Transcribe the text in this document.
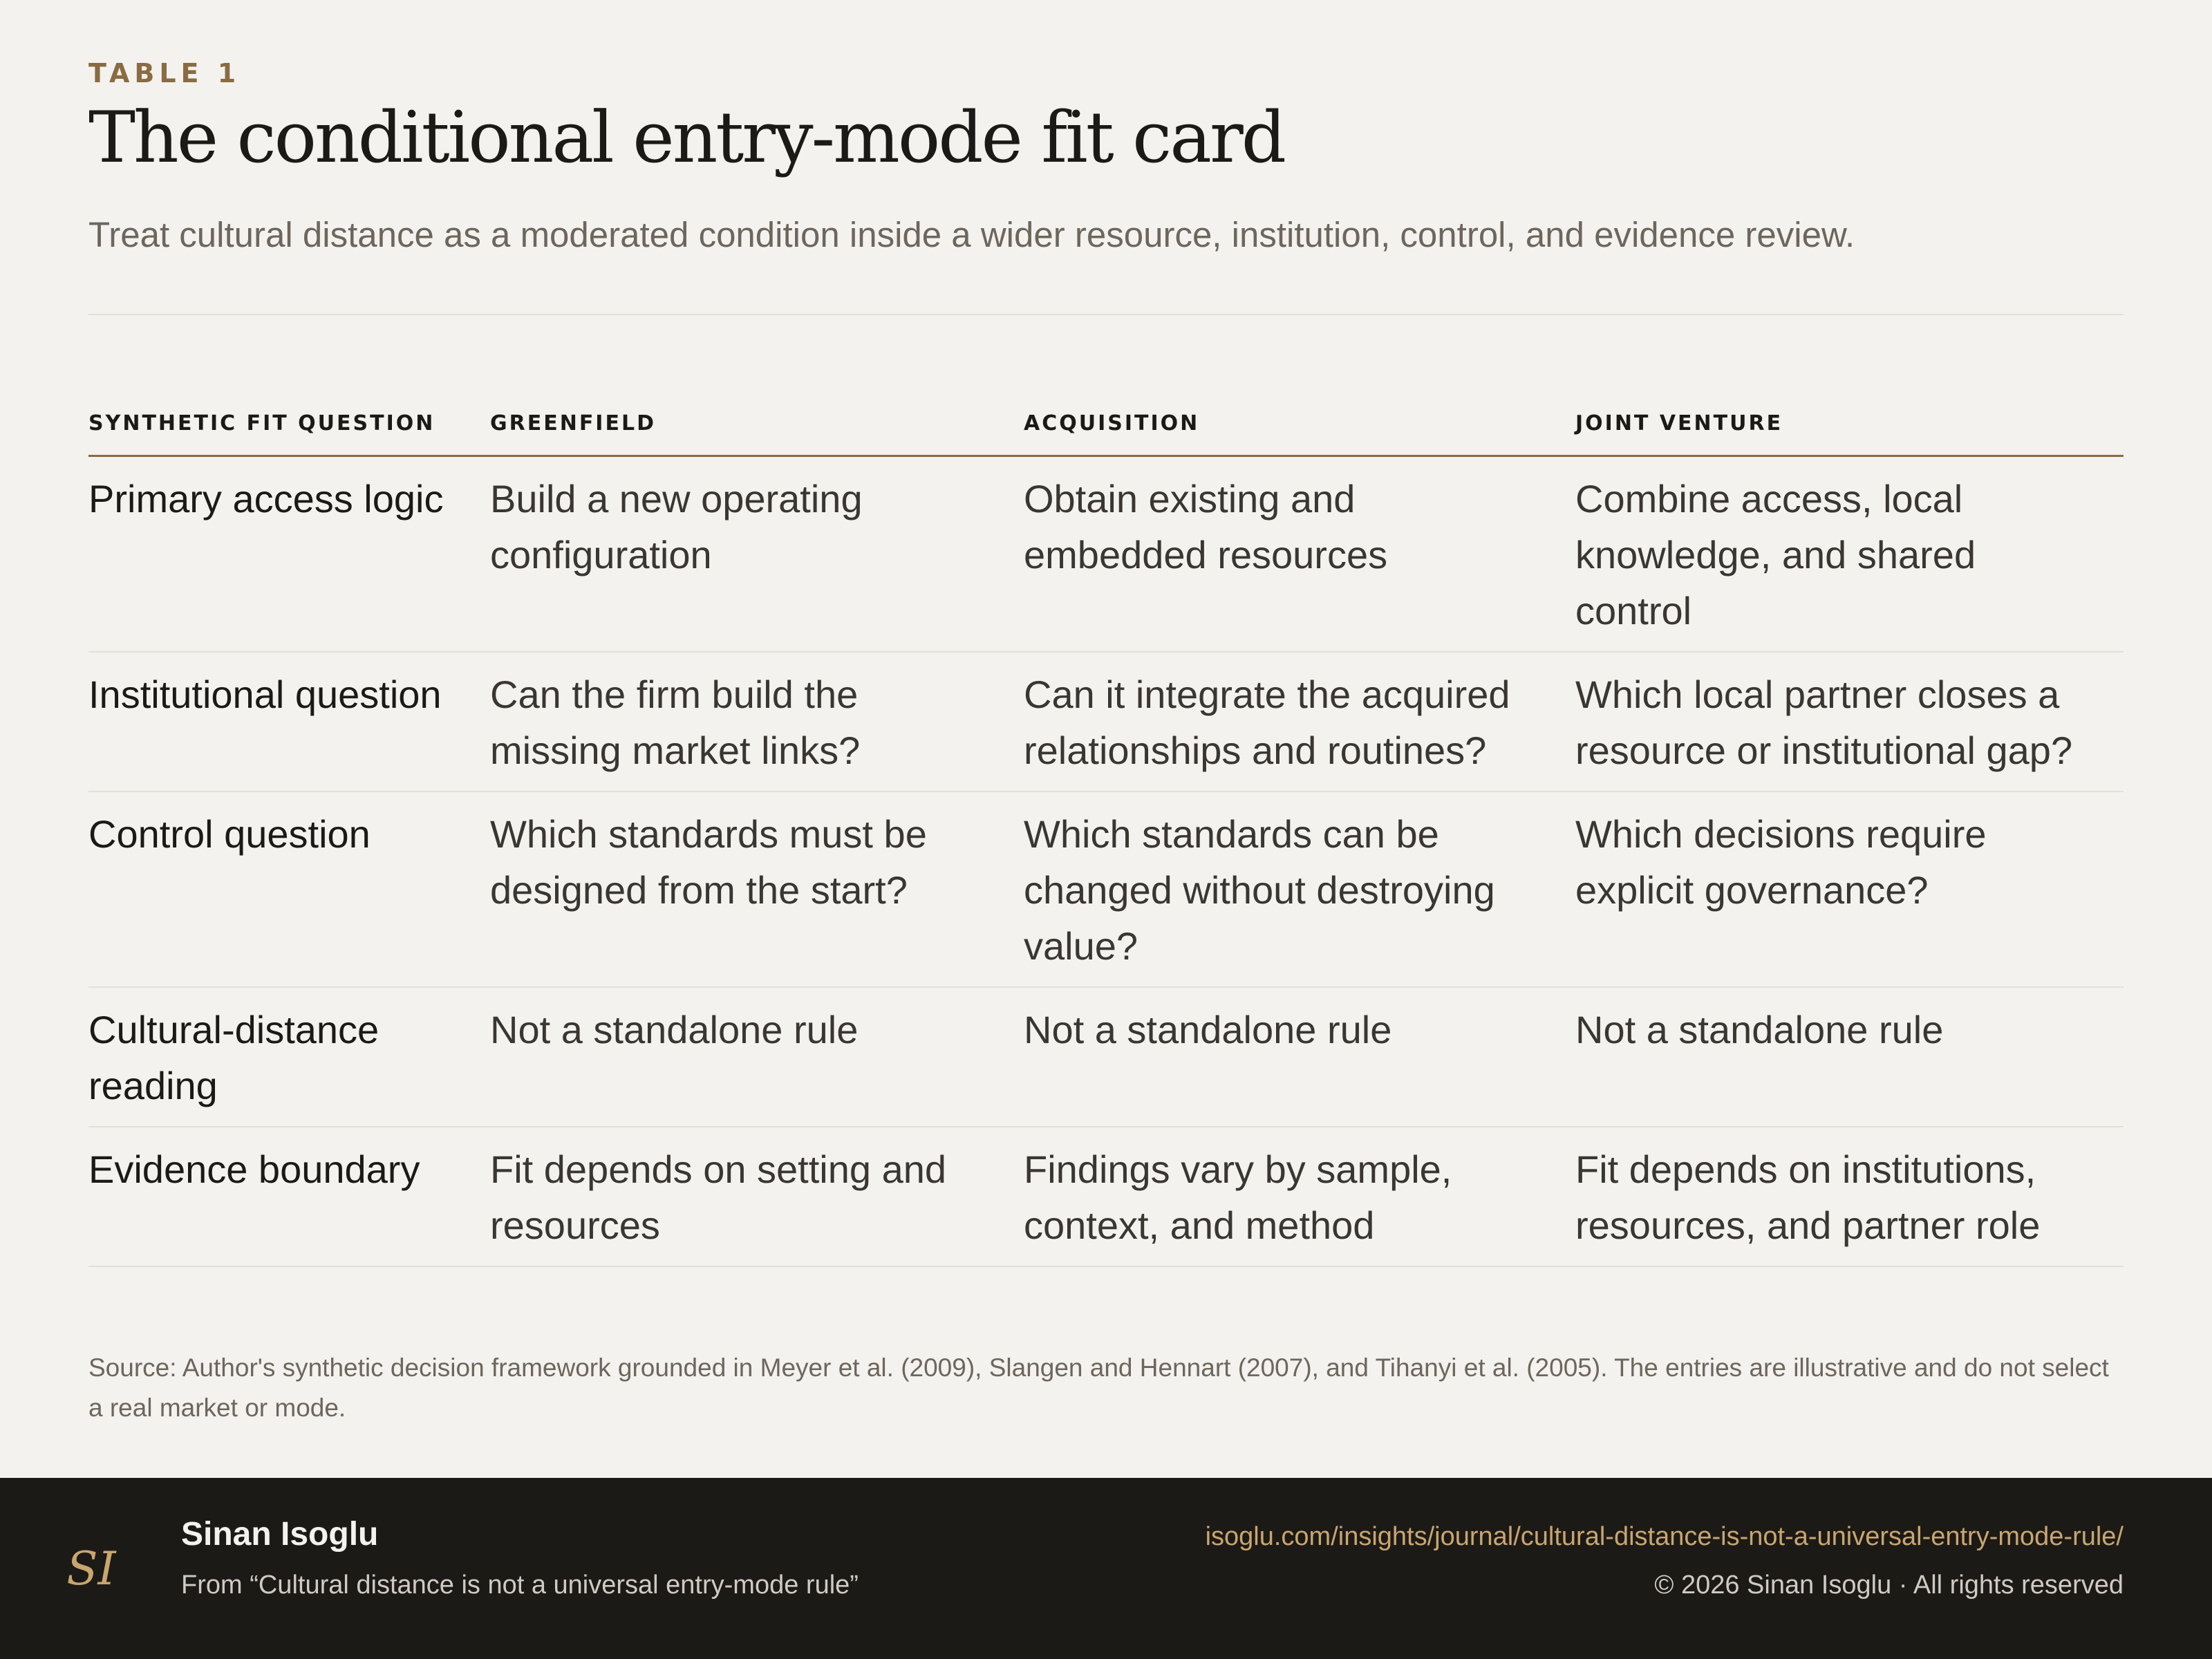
TABLE 1
The conditional entry-mode fit card

Treat cultural distance as a moderated condition inside a wider resource, institution, control, and evidence review.

SYNTHETIC FIT QUESTION	GREENFIELD	ACQUISITION	JOINT VENTURE
Primary access logic	Build a new operating configuration	Obtain existing and embedded resources	Combine access, local knowledge, and shared control
Institutional question	Can the firm build the missing market links?	Can it integrate the acquired relationships and routines?	Which local partner closes a resource or institutional gap?
Control question	Which standards must be designed from the start?	Which standards can be changed without destroying value?	Which decisions require explicit governance?
Cultural-distance reading	Not a standalone rule	Not a standalone rule	Not a standalone rule
Evidence boundary	Fit depends on setting and resources	Findings vary by sample, context, and method	Fit depends on institutions, resources, and partner role

Source: Author's synthetic decision framework grounded in Meyer et al. (2009), Slangen and Hennart (2007), and Tihanyi et al. (2005). The entries are illustrative and do not select a real market or mode.

SI
Sinan Isoglu
From “Cultural distance is not a universal entry-mode rule”
isoglu.com/insights/journal/cultural-distance-is-not-a-universal-entry-mode-rule/
© 2026 Sinan Isoglu · All rights reserved
